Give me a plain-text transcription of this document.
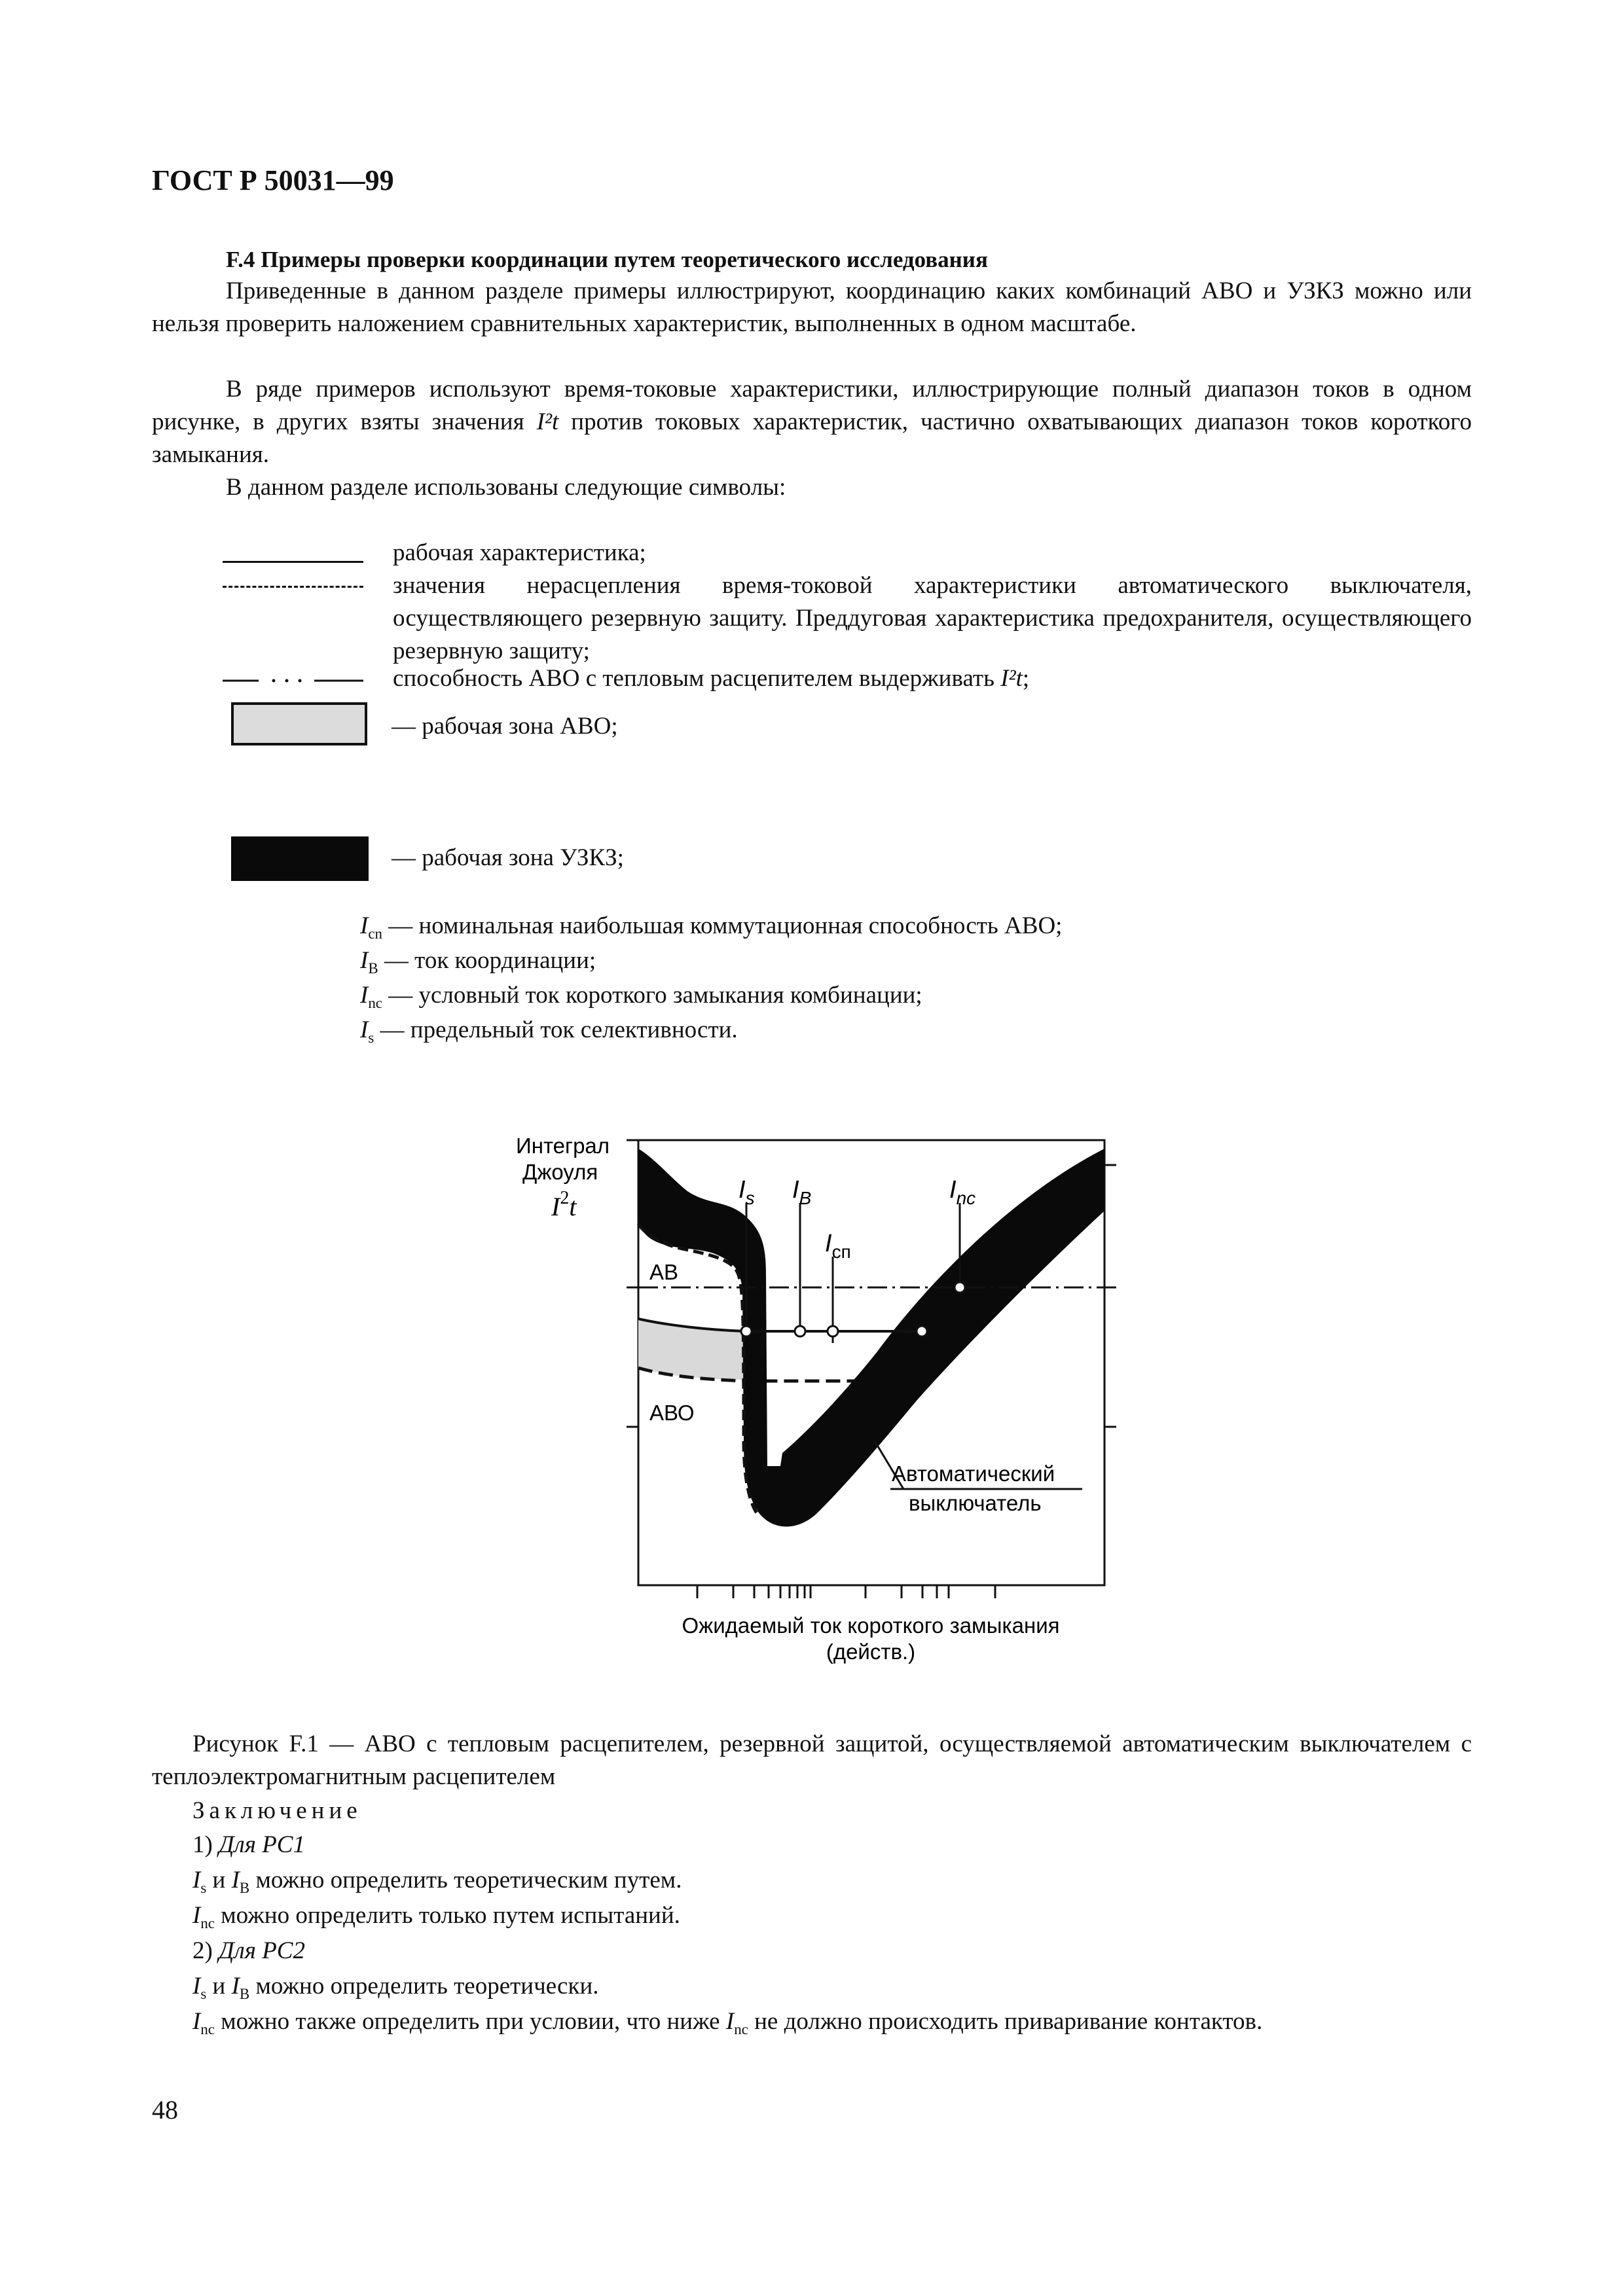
ГОСТ Р 50031—99
F.4 Примеры проверки координации путем теоретического исследования
Приведенные в данном разделе примеры иллюстрируют, координацию каких комбинаций АВО и УЗКЗ можно или нельзя проверить наложением сравнительных характеристик, выполненных в одном масштабе.
В ряде примеров используют время-токовые характеристики, иллюстрирующие полный диапазон токов в одном рисунке, в других взяты значения I²t против токовых характеристик, частично охватывающих диапазон токов короткого замыкания.
В данном разделе использованы следующие символы:
рабочая характеристика;
значения нерасцепления время-токовой характеристики автоматического выключателя, осуществляющего резервную защиту. Преддуговая характеристика предохранителя, осуществляющего резервную защиту;
способность АВО с тепловым расцепителем выдерживать I²t;
— рабочая зона АВО;
— рабочая зона УЗКЗ;
$I_{cn}$ — номинальная наибольшая коммутационная способность АВО;
$I_B$ — ток координации;
$I_{nc}$ — условный ток короткого замыкания комбинации;
$I_s$ — предельный ток селективности.
Интеграл
Джоуля
$I^2t$
$I_s$ $I_B$	$I_{nc}$
$I_{сп}$
АВ
АВО
Автоматический
выключатель
Ожидаемый ток короткого замыкания
(действ.)
Рисунок F.1 — АВО с тепловым расцепителем, резервной защитой, осуществляемой автоматическим выключателем с теплоэлектромагнитным расцепителем
Заключение
1) Для PC1
$I_s$ и $I_B$ можно определить теоретическим путем.
$I_{nc}$ можно определить только путем испытаний.
2) Для PC2
$I_s$ и $I_B$ можно определить теоретически.
$I_{nc}$ можно также определить при условии, что ниже $I_{nc}$ не должно происходить приваривание контактов.
48
